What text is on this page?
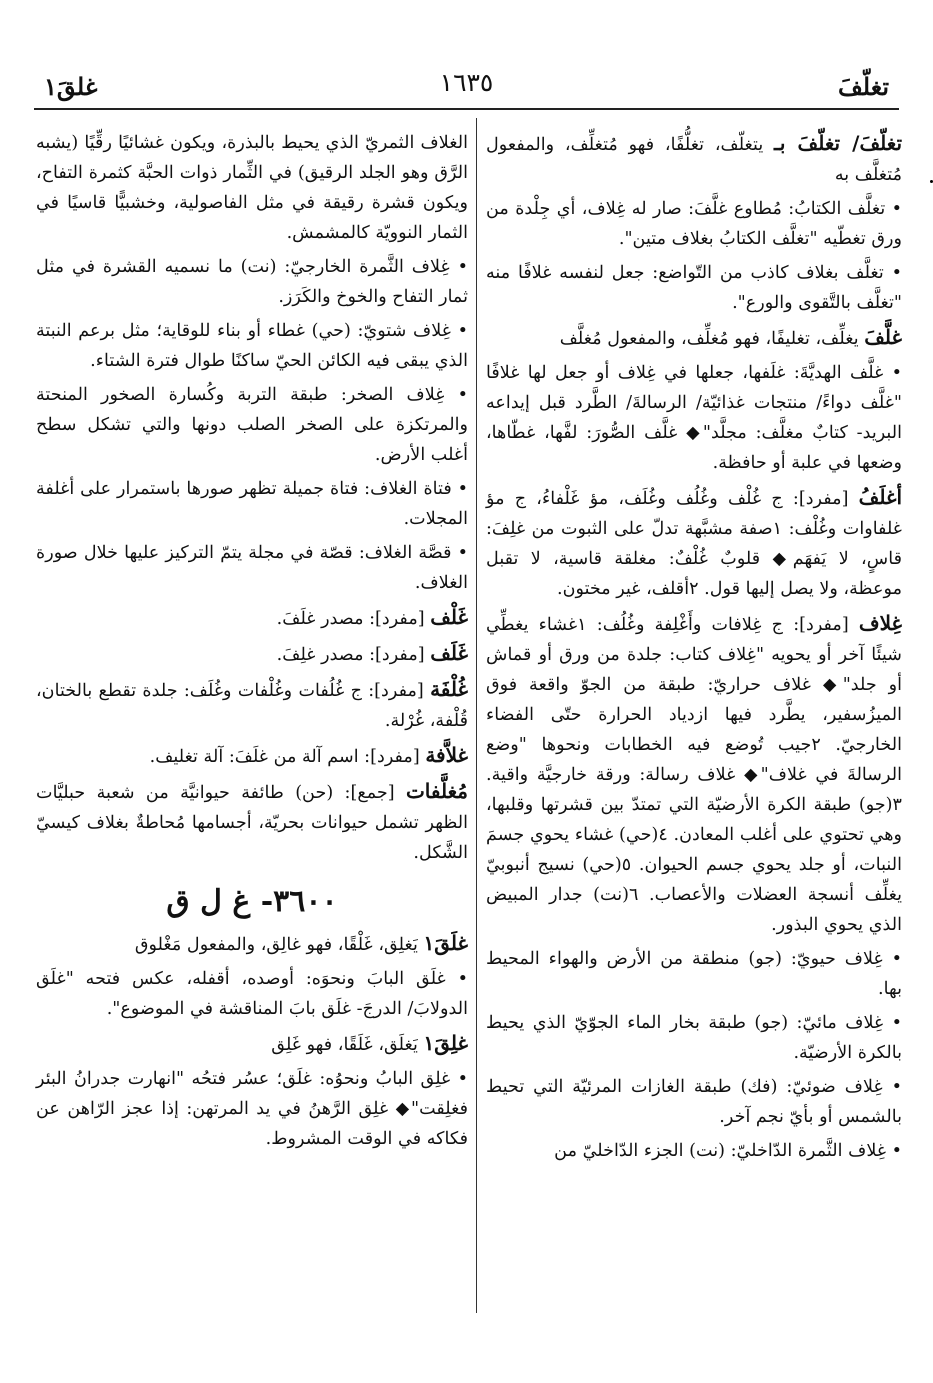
تغلّفَ
١٦٣٥
غلقَ١

تغلّفَ/ تغلّفَ بـ يتغلّف، تغلُّفًا، فهو مُتغلِّف، والمفعول مُتغلَّف به

• تغلَّف الكتابُ: مُطاوع غلَّفَ: صار له غِلاف، أي جِلْدة من ورق تغطّيه "تغلَّف الكتابُ بغلاف متين".

• تغلَّف بغلاف كاذب من التّواضع: جعل لنفسه غلافًا منه "تغلَّف بالتَّقوى والورع".

غلَّفَ يغلِّف، تغليفًا، فهو مُغلِّف، والمفعول مُغلَّف

• غلَّف الهديَّةَ: غلَفها، جعلها في غِلاف أو جعل لها غلافًا "غلَّف دواءً/ منتجات غذائيّة/ الرسالةَ/ الطَّرد قبل إيداعه البريد- كتابٌ مغلَّف: مجلَّد"◆ غلَّف الصُّورَ: لفَّها، غطّاها، وضعها في علبة أو حافظة.

أغلَفُ [مفرد]: ج غُلْف وغُلُف وغُلَف، مؤ غَلْفاءُ، ج مؤ غلفاوات وغُلْف: ١صفة مشبَّهة تدلّ على الثبوت من غلِفَ: قاسٍ، لا يَفهَم◆ قلوبٌ غُلْفٌ: مغلقة قاسية، لا تقبل موعظة، ولا يصل إليها قول. ٢أقلف، غير مختون.

غِلاف [مفرد]: ج غِلافات وأَغْلِفة وغُلُف: ١غشاء يغطِّي شيئًا آخر أو يحويه "غِلاف كتاب: جلدة من ورق أو قماش أو جلد"◆ غلاف حراريّ: طبقة من الجوّ واقعة فوق الميزُسفير، يطَّرد فيها ازدياد الحرارة حتّى الفضاء الخارجيّ. ٢جيب تُوضع فيه الخطابات ونحوها "وضع الرسالةَ في غلاف"◆ غلاف رسالة: ورقة خارجيَّة واقية. ٣(جو) طبقة الكرة الأرضيّة التي تمتدّ بين قشرتها وقلبها، وهي تحتوي على أغلب المعادن. ٤(حي) غشاء يحوي جسمَ النبات، أو جلد يحوي جسم الحيوان. ٥(حي) نسيج أنبوبيّ يغلِّف أنسجة العضلات والأعصاب. ٦(نت) جدار المبيض الذي يحوي البذور.

• غِلاف حيويّ: (جو) منطقة من الأرض والهواء المحيط بها.

• غِلاف مائيّ: (جو) طبقة بخار الماء الجوّيّ الذي يحيط بالكرة الأرضيّة.

• غِلاف ضوئيّ: (فك) طبقة الغازات المرئيّة التي تحيط بالشمس أو بأيّ نجم آخر.

• غِلاف الثَّمرة الدّاخليّ: (نت) الجزء الدّاخليّ من

الغلاف الثمريّ الذي يحيط بالبذرة، ويكون غشائيًا رقِّيًا (يشبه الرَّق وهو الجلد الرقيق) في الثِّمار ذوات الحبَّة كثمرة التفاح، ويكون قشرة رقيقة في مثل الفاصولية، وخشبيًّا قاسيًا في الثمار النوويّة كالمشمش.

• غِلاف الثَّمرة الخارجيّ: (نت) ما نسميه القشرة في مثل ثمار التفاح والخوخ والكَرَز.

• غِلاف شتويّ: (حي) غطاء أو بناء للوقاية؛ مثل برعم النبتة الذي يبقى فيه الكائن الحيّ ساكنًا طوال فترة الشتاء.

• غِلاف الصخر: طبقة التربة وكُسارة الصخور المنحتة والمرتكزة على الصخر الصلب دونها والتي تشكل سطح أغلب الأرض.

• فتاة الغلاف: فتاة جميلة تظهر صورها باستمرار على أغلفة المجلات.

• قصَّة الغلاف: قصّة في مجلة يتمّ التركيز عليها خلال صورة الغلاف.

غَلْف [مفرد]: مصدر غلَفَ.

غَلَف [مفرد]: مصدر غلِفَ.

غُلْفَة [مفرد]: ج غُلُفات وغُلْفات وغُلَف: جلدة تقطع بالختان، قُلْفة، غُرْلة.

غلاَّفة [مفرد]: اسم آلة من غلَفَ: آلة تغليف.

مُغلَّفات [جمع]: (حن) طائفة حيوانيَّة من شعبة حبليَّات الظهر تشمل حيوانات بحريّة، أجسامها مُحاطةٌ بغلاف كيسيّ الشَّكل.

٣٦٠٠- غ ل ق

غلَقَ١ يَغلِق، غَلْقًا، فهو غالِق، والمفعول مَغْلوق

• غلَق البابَ ونحوَه: أوصده، أقفله، عكس فتحه "غلَق الدولابَ/ الدرجَ- غلَق بابَ المناقشة في الموضوع".

غلِقَ١ يَغلَق، غَلَقًا، فهو غَلِق

• غلِق البابُ ونحوُه: غلَق؛ عسُر فتحُه "انهارت جدرانُ البئر فغلِقت"◆ غلِق الرَّهنُ في يد المرتهن: إذا عجز الرّاهن عن فكاكه في الوقت المشروط.
